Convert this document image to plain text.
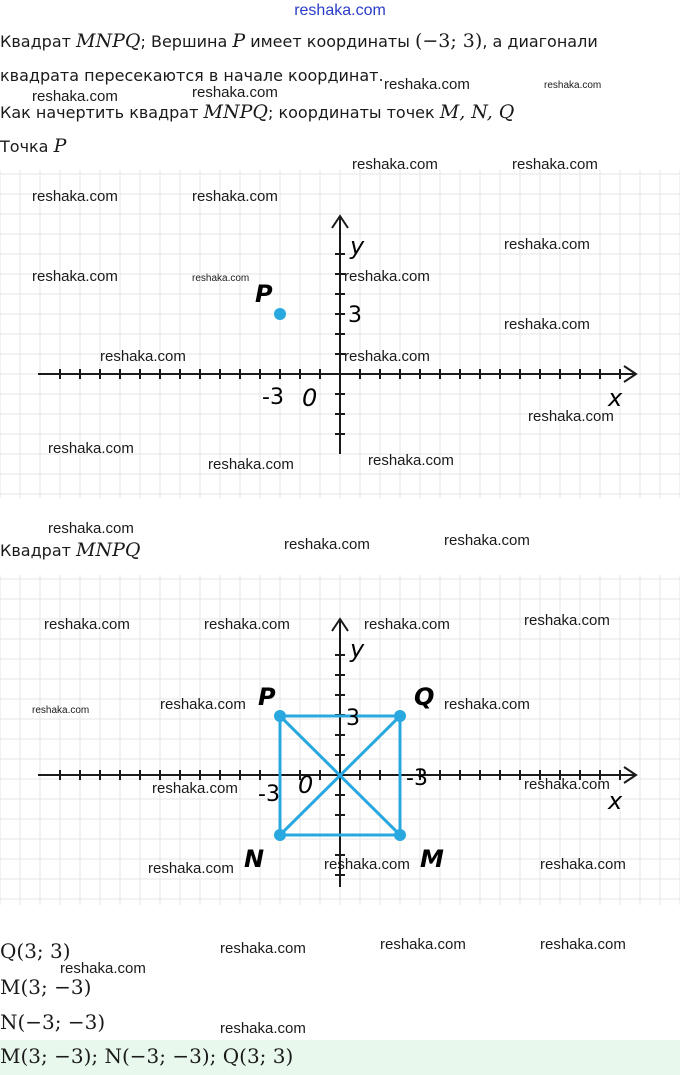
reshaka.com
Квадрат MNPQ; Вершина P имеет координаты (−3; 3), а диагонали
квадрата пересекаются в начале координат.
Как начертить квадрат MNPQ; координаты точек M, N, Q
Точка P
y
x
0
-3
3
P
Квадрат MNPQ
y
x
0
-3
-3
3
P	Q
M
N
Q(3; 3)
M(3; −3)
N(−3; −3)
M(3; −3); N(−3; −3); Q(3; 3)
reshaka.com	reshaka.com	reshaka.com	reshaka.com
reshaka.com	reshaka.com
reshaka.com	reshaka.com
reshaka.com
reshaka.com	reshaka.com	reshaka.com
reshaka.com
reshaka.com	reshaka.com
reshaka.com
reshaka.com
reshaka.com	reshaka.com
reshaka.com
reshaka.com	reshaka.com
reshaka.com	reshaka.com	reshaka.com	reshaka.com
reshaka.com	reshaka.com	reshaka.com
reshaka.com	reshaka.com
reshaka.com	reshaka.com	reshaka.com
reshaka.com	reshaka.com	reshaka.com
reshaka.com
reshaka.com
